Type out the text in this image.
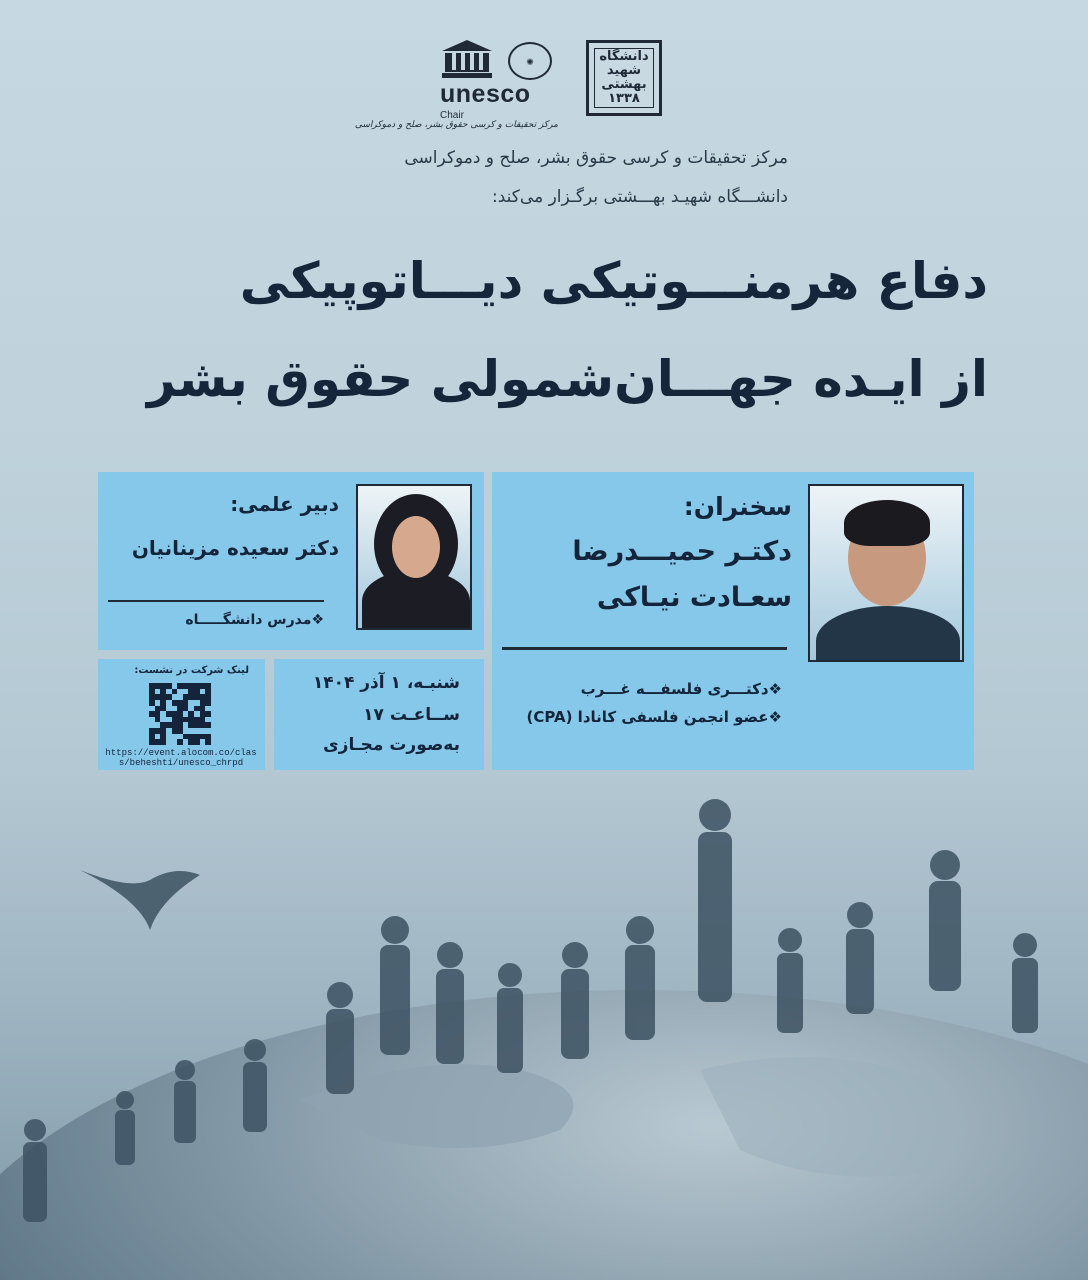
✺
unesco
Chair
مرکز تحقیقات و کرسی حقوق بشر، صلح و دموکراسی
دانشگاه شهید بهشتی ۱۳۳۸
مرکز تحقیقات و کرسی حقوق بشر، صلح و دموکراسی
دانشـــگاه شهیـد بهـــشتی برگـزار می‌کند:
دفاع هرمنـــوتیکی دیـــاتوپیکی
از ایـده جهـــان‌شمولی حقوق بشر
سخنران:
دکتـر حمیـــدرضا
سعـادت نیـاکی
❖دکتـــری فلسفـــه غـــرب
❖عضو انجمن فلسفی کانادا (CPA)
دبیر علمی:
دکتر سعیده مزینانیان
❖مدرس دانشگـــــاه
شنبـه، ۱ آذر ۱۴۰۴
ســاعـت ۱۷
به‌صورت مجـازی
لینک شرکت در نشست:
https://event.alocom.co/class/beheshti/unesco_chrpd
